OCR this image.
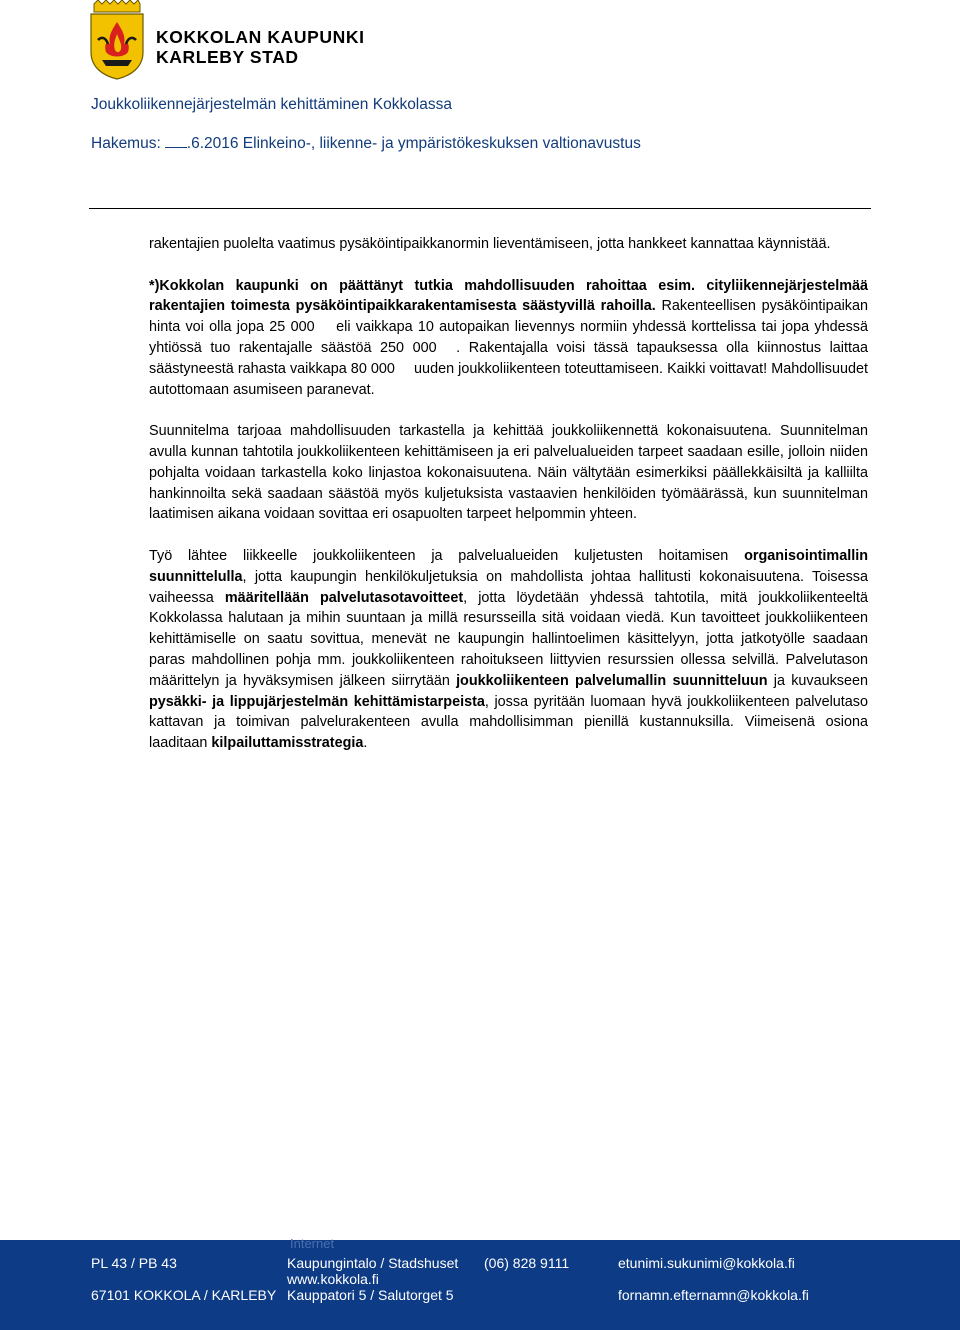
KOKKOLAN KAUPUNKI
KARLEBY STAD
Joukkoliikennejärjestelmän kehittäminen Kokkolassa
Hakemus: .6.2016 Elinkeino-, liikenne- ja ympäristökeskuksen valtionavustus

rakentajien puolelta vaatimus pysäköintipaikkanormin lieventämiseen, jotta hankkeet kannattaa käynnistää.

*)Kokkolan kaupunki on päättänyt tutkia mahdollisuuden rahoittaa esim. cityliikennejärjestelmää rakentajien toimesta pysäköintipaikkarakentamisesta säästyvillä rahoilla. Rakenteellisen pysäköintipaikan hinta voi olla jopa 25 000  eli vaikkapa 10 autopaikan lievennys normiin yhdessä korttelissa tai jopa yhdessä yhtiössä tuo rakentajalle säästöä 250 000 . Rakentajalla voisi tässä tapauksessa olla kiinnostus laittaa säästyneestä rahasta vaikkapa 80 000  uuden joukkoliikenteen toteuttamiseen. Kaikki voittavat! Mahdollisuudet autottomaan asumiseen paranevat.

Suunnitelma tarjoaa mahdollisuuden tarkastella ja kehittää joukkoliikennettä kokonaisuutena. Suunnitelman avulla kunnan tahtotila joukkoliikenteen kehittämiseen ja eri palvelualueiden tarpeet saadaan esille, jolloin niiden pohjalta voidaan tarkastella koko linjastoa kokonaisuutena. Näin vältytään esimerkiksi päällekkäisiltä ja kalliilta hankinnoilta sekä saadaan säästöä myös kuljetuksista vastaavien henkilöiden työmäärässä, kun suunnitelman laatimisen aikana voidaan sovittaa eri osapuolten tarpeet helpommin yhteen.

Työ lähtee liikkeelle joukkoliikenteen ja palvelualueiden kuljetusten hoitamisen organisointimallin suunnittelulla, jotta kaupungin henkilökuljetuksia on mahdollista johtaa hallitusti kokonaisuutena. Toisessa vaiheessa määritellään palvelutasotavoitteet, jotta löydetään yhdessä tahtotila, mitä joukkoliikenteeltä Kokkolassa halutaan ja mihin suuntaan ja millä resursseilla sitä voidaan viedä. Kun tavoitteet joukkoliikenteen kehittämiselle on saatu sovittua, menevät ne kaupungin hallintoelimen käsittelyyn, jotta jatkotyölle saadaan paras mahdollinen pohja mm. joukkoliikenteen rahoitukseen liittyvien resurssien ollessa selvillä. Palvelutason määrittelyn ja hyväksymisen jälkeen siirrytään joukkoliikenteen palvelumallin suunnitteluun ja kuvaukseen pysäkki- ja lippujärjestelmän kehittämistarpeista, jossa pyritään luomaan hyvä joukkoliikenteen palvelutaso kattavan ja toimivan palvelurakenteen avulla mahdollisimman pienillä kustannuksilla. Viimeisenä osiona laaditaan kilpailuttamisstrategia.

Internet
PL 43 / PB 43
67101 KOKKOLA / KARLEBY
Kaupungintalo / Stadshuset
www.kokkola.fi
Kauppatori 5 / Salutorget 5
(06) 828 9111	etunimi.sukunimi@kokkola.fi
fornamn.efternamn@kokkola.fi
